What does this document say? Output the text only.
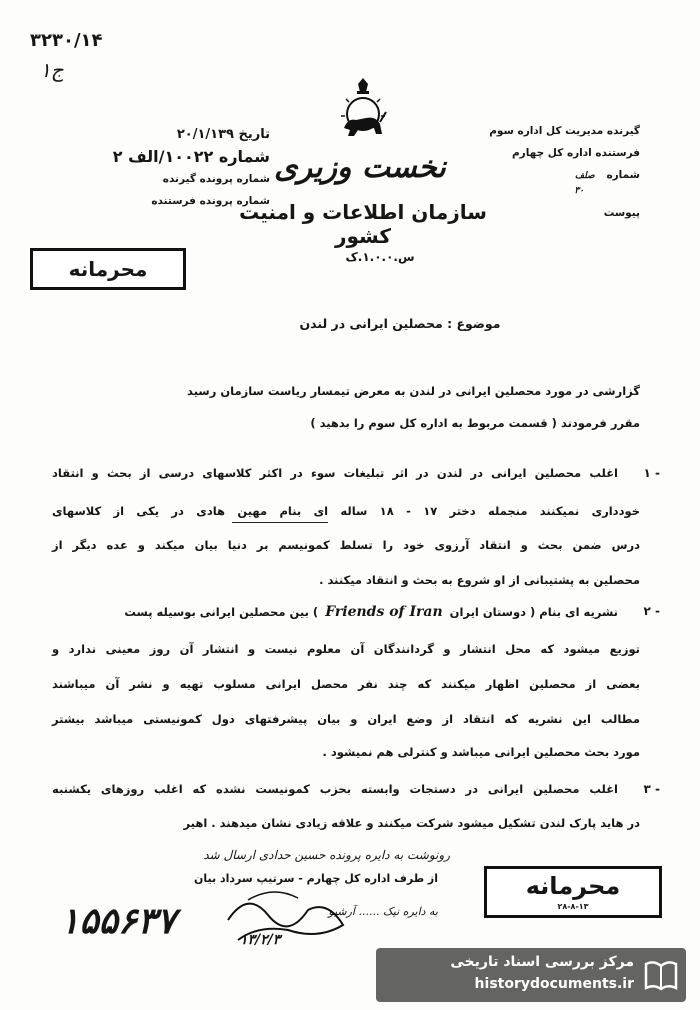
۳۲۳۰/۱۴
۱ج
نخست وزیری
سازمان اطلاعات و امنیت کشور
س.۱.۰.۰.ک
تاریخ ۲۰/۱/۱۳۹
شماره ۱۰۰۲۲/الف ۲
شماره پرونده گیرنده
شماره پرونده فرستنده
گیرنده مدیریت کل اداره سوم
فرستنده اداره کل چهارم
شماره صلف
۳۰
پیوست
محرمانه
موضوع : محصلین ایرانی در لندن
گزارشی در مورد محصلین ایرانی در لندن به معرض تیمسار ریاست سازمان رسید
مقرر فرمودند ( قسمت مربوط به اداره کل سوم را بدهید )
۱ -
اغلب محصلین ایرانی در لندن در اثر تبلیغات سوء در اکثر کلاسهای درسی از بحث و انتقاد
خودداری نمیکنند منجمله دختر ۱۷ - ۱۸ ساله ای بنام مهین هادی در یکی از کلاسهای
درس ضمن بحث و انتقاد آرزوی خود را تسلط کمونیسم بر دنیا بیان میکند و عده دیگر از
محصلین به پشتیبانی از او شروع به بحث و انتقاد میکنند .
۲ -
نشریه ای بنام ( دوستان ایران Friends of Iran ) بین محصلین ایرانی بوسیله پست
توزیع میشود که محل انتشار و گردانندگان آن معلوم نیست و انتشار آن روز معینی ندارد و
بعضی از محصلین اظهار میکنند که چند نفر محصل ایرانی مسلوب تهیه و نشر آن میباشند
مطالب این نشریه که انتقاد از وضع ایران و بیان پیشرفتهای دول کمونیستی میباشد بیشتر
مورد بحث محصلین ایرانی میباشد و کنترلی هم نمیشود .
۳ -
اغلب محصلین ایرانی در دستجات وابسته بحزب کمونیست نشده که اغلب روزهای یکشنبه
در هاید پارک لندن تشکیل میشود شرکت میکنند و علاقه زیادی نشان میدهند . اهیر
رونوشت به دایره پرونده حسین حدادی ارسال شد
از طرف اداره کل چهارم - سرتیپ سرداد بیان
به دایره نیک ...... آرشیو
۱۳/۲/۳
محرمانه
۲۸-۸-۱۳
۱۵۵۶۳۷
مرکز بررسی اسناد تاریخی
historydocuments.ir
